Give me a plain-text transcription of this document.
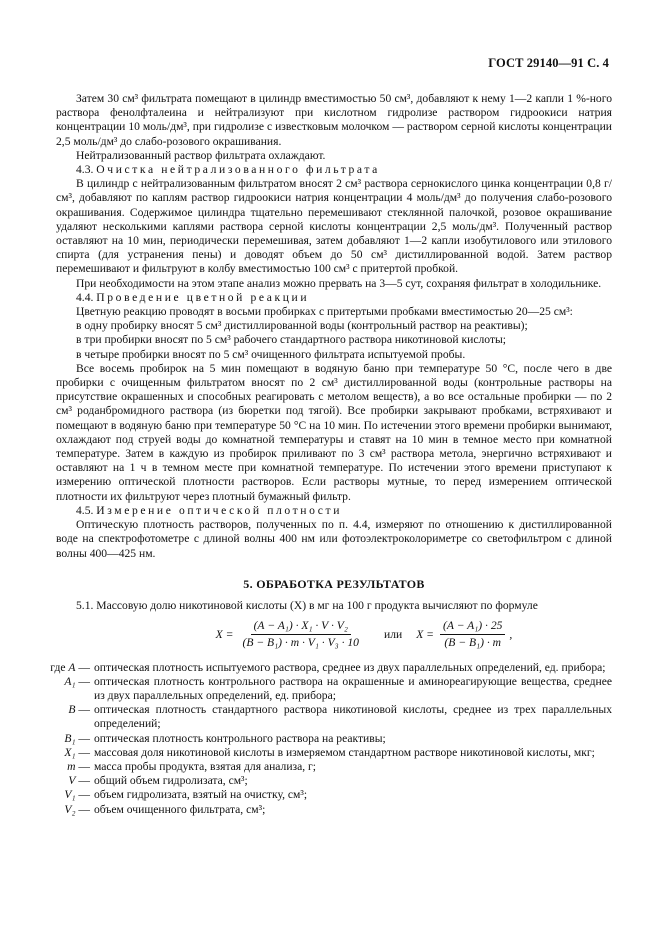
ГОСТ 29140—91 С. 4

Затем 30 см³ фильтрата помещают в цилиндр вместимостью 50 см³, добавляют к нему 1—2 капли 1 %-ного раствора фенолфталеина и нейтрализуют при кислотном гидролизе раствором гидроокиси натрия концентрации 10 моль/дм³, при гидролизе с известковым молочком — раствором серной кислоты концентрации 2,5 моль/дм³ до слабо-розового окрашивания.

Нейтрализованный раствор фильтрата охлаждают.

4.3. Очистка нейтрализованного фильтрата

В цилиндр с нейтрализованным фильтратом вносят 2 см³ раствора сернокислого цинка концентрации 0,8 г/см³, добавляют по каплям раствор гидроокиси натрия концентрации 4 моль/дм³ до получения слабо-розового окрашивания. Содержимое цилиндра тщательно перемешивают стеклянной палочкой, розовое окрашивание удаляют несколькими каплями раствора серной кислоты концентрации 2,5 моль/дм³. Полученный раствор оставляют на 10 мин, периодически перемешивая, затем добавляют 1—2 капли изобутилового или этилового спирта (для устранения пены) и доводят объем до 50 см³ дистиллированной водой. Затем раствор перемешивают и фильтруют в колбу вместимостью 100 см³ с притертой пробкой.

При необходимости на этом этапе анализ можно прервать на 3—5 сут, сохраняя фильтрат в холодильнике.

4.4. Проведение цветной реакции

Цветную реакцию проводят в восьми пробирках с притертыми пробками вместимостью 20—25 см³:

в одну пробирку вносят 5 см³ дистиллированной воды (контрольный раствор на реактивы);

в три пробирки вносят по 5 см³ рабочего стандартного раствора никотиновой кислоты;

в четыре пробирки вносят по 5 см³ очищенного фильтрата испытуемой пробы.

Все восемь пробирок на 5 мин помещают в водяную баню при температуре 50 °С, после чего в две пробирки с очищенным фильтратом вносят по 2 см³ дистиллированной воды (контрольные растворы на присутствие окрашенных и способных реагировать с метолом веществ), а во все остальные пробирки — по 2 см³ роданбромидного раствора (из бюретки под тягой). Все пробирки закрывают пробками, встряхивают и помещают в водяную баню при температуре 50 °С на 10 мин. По истечении этого времени пробирки вынимают, охлаждают под струей воды до комнатной температуры и ставят на 10 мин в темное место при комнатной температуре. Затем в каждую из пробирок приливают по 3 см³ раствора метола, энергично встряхивают и оставляют на 1 ч в темном месте при комнатной температуре. По истечении этого времени приступают к измерению оптической плотности растворов. Если растворы мутные, то перед измерением оптической плотности их фильтруют через плотный бумажный фильтр.

4.5. Измерение оптической плотности

Оптическую плотность растворов, полученных по п. 4.4, измеряют по отношению к дистиллированной воде на спектрофотометре с длиной волны 400 нм или фотоэлектроколориметре со светофильтром с длиной волны 400—425 нм.

5. ОБРАБОТКА РЕЗУЛЬТАТОВ

5.1. Массовую долю никотиновой кислоты (X) в мг на 100 г продукта вычисляют по формуле

$X = \frac{\text{(A − A₁) · X₁ · V · V₂}}{\text{(B − B₁) · m · V₁ · V₃ · 10}}$ или $X = \frac{\text{(A − A₁) · 25}}{\text{(B − B₁) · m}}$ ,
где A — оптическая плотность испытуемого раствора, среднее из двух параллельных определений, ед. прибора;
A₁ — оптическая плотность контрольного раствора на окрашенные и аминореагирующие вещества, среднее из двух параллельных определений, ед. прибора;
B — оптическая плотность стандартного раствора никотиновой кислоты, среднее из трех параллельных определений;
B₁ — оптическая плотность контрольного раствора на реактивы;
X₁ — массовая доля никотиновой кислоты в измеряемом стандартном растворе никотиновой кислоты, мкг;
m — масса пробы продукта, взятая для анализа, г;
V — общий объем гидролизата, см³;
V₁ — объем гидролизата, взятый на очистку, см³;
V₂ — объем очищенного фильтрата, см³;
